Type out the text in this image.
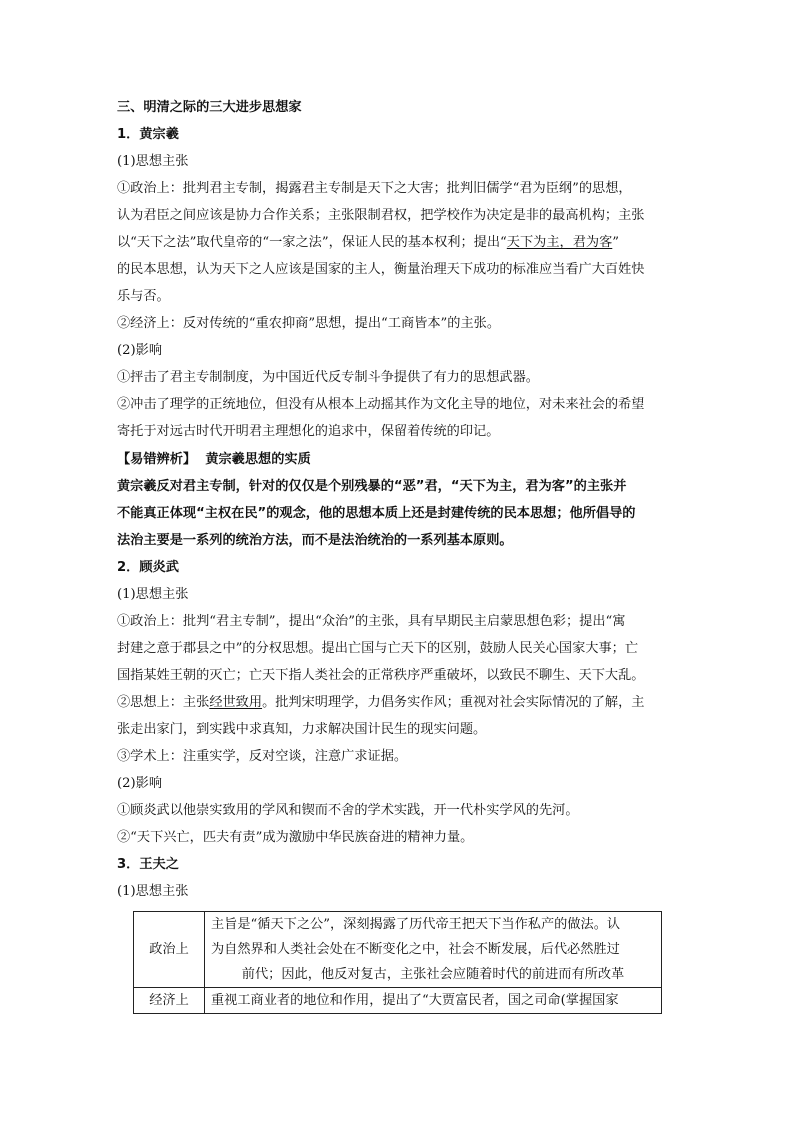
三、明清之际的三大进步思想家
1．黄宗羲
(1)思想主张
①政治上：批判君主专制，揭露君主专制是天下之大害；批判旧儒学“君为臣纲”的思想，
认为君臣之间应该是协力合作关系；主张限制君权，把学校作为决定是非的最高机构；主张
以“天下之法”取代皇帝的“一家之法”，保证人民的基本权利；提出“天下为主，君为客”
的民本思想，认为天下之人应该是国家的主人，衡量治理天下成功的标准应当看广大百姓快
乐与否。
②经济上：反对传统的“重农抑商”思想，提出“工商皆本”的主张。
(2)影响
①抨击了君主专制制度，为中国近代反专制斗争提供了有力的思想武器。
②冲击了理学的正统地位，但没有从根本上动摇其作为文化主导的地位，对未来社会的希望
寄托于对远古时代开明君主理想化的追求中，保留着传统的印记。
【易错辨析】 黄宗羲思想的实质
黄宗羲反对君主专制，针对的仅仅是个别残暴的“恶”君，“天下为主，君为客”的主张并
不能真正体现“主权在民”的观念，他的思想本质上还是封建传统的民本思想；他所倡导的
法治主要是一系列的统治方法，而不是法治统治的一系列基本原则。
2．顾炎武
(1)思想主张
①政治上：批判“君主专制”，提出“众治”的主张，具有早期民主启蒙思想色彩；提出“寓
封建之意于郡县之中”的分权思想。提出亡国与亡天下的区别，鼓励人民关心国家大事；亡
国指某姓王朝的灭亡；亡天下指人类社会的正常秩序严重破坏，以致民不聊生、天下大乱。
②思想上：主张经世致用。批判宋明理学，力倡务实作风；重视对社会实际情况的了解，主
张走出家门，到实践中求真知，力求解决国计民生的现实问题。
③学术上：注重实学，反对空谈，注意广求证据。
(2)影响
①顾炎武以他崇实致用的学风和锲而不舍的学术实践，开一代朴实学风的先河。
②“天下兴亡，匹夫有责”成为激励中华民族奋进的精神力量。
3．王夫之
(1)思想主张
政治上	主旨是“循天下之公”，深刻揭露了历代帝王把天下当作私产的做法。认
为自然界和人类社会处在不断变化之中，社会不断发展，后代必然胜过
前代；因此，他反对复古，主张社会应随着时代的前进而有所改革

经济上	重视工商业者的地位和作用，提出了“大贾富民者，国之司命(掌握国家
